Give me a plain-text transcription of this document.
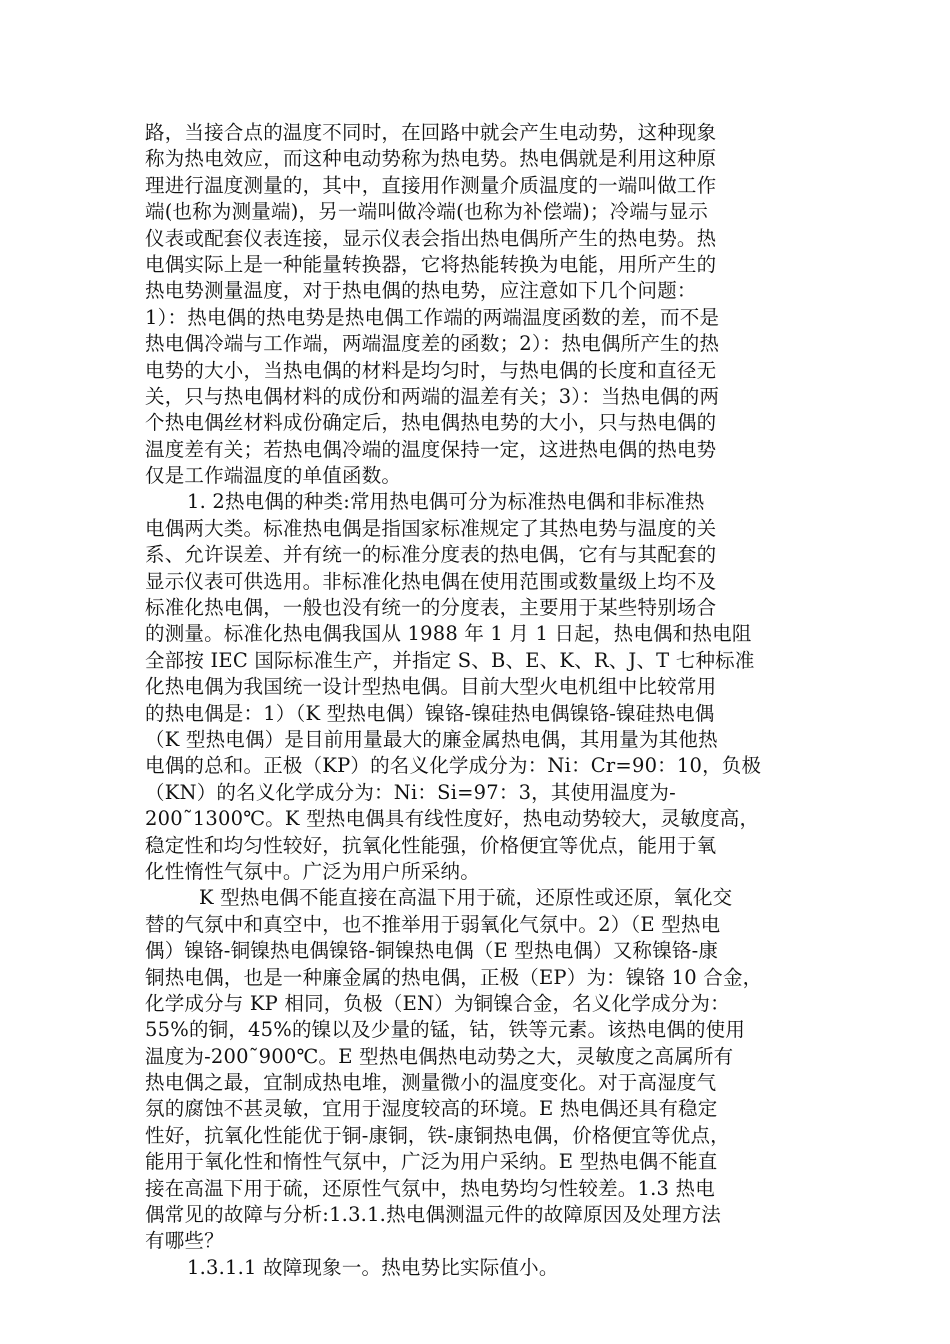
路，当接合点的温度不同时，在回路中就会产生电动势，这种现象
称为热电效应，而这种电动势称为热电势。热电偶就是利用这种原
理进行温度测量的，其中，直接用作测量介质温度的一端叫做工作
端(也称为测量端)，另一端叫做冷端(也称为补偿端)；冷端与显示
仪表或配套仪表连接，显示仪表会指出热电偶所产生的热电势。热
电偶实际上是一种能量转换器，它将热能转换为电能，用所产生的
热电势测量温度，对于热电偶的热电势，应注意如下几个问题：
1）：热电偶的热电势是热电偶工作端的两端温度函数的差，而不是
热电偶冷端与工作端，两端温度差的函数；2）：热电偶所产生的热
电势的大小，当热电偶的材料是均匀时，与热电偶的长度和直径无
关，只与热电偶材料的成份和两端的温差有关；3）：当热电偶的两
个热电偶丝材料成份确定后，热电偶热电势的大小，只与热电偶的
温度差有关；若热电偶冷端的温度保持一定，这进热电偶的热电势
仅是工作端温度的单值函数。
1. 2热电偶的种类:常用热电偶可分为标准热电偶和非标准热
电偶两大类。标准热电偶是指国家标准规定了其热电势与温度的关
系、允许误差、并有统一的标准分度表的热电偶，它有与其配套的
显示仪表可供选用。非标准化热电偶在使用范围或数量级上均不及
标准化热电偶，一般也没有统一的分度表，主要用于某些特别场合
的测量。标准化热电偶我国从 1988 年 1 月 1 日起，热电偶和热电阻
全部按 IEC 国际标准生产，并指定 S、B、E、K、R、J、T 七种标准
化热电偶为我国统一设计型热电偶。目前大型火电机组中比较常用
的热电偶是：1）（K 型热电偶）镍铬-镍硅热电偶镍铬-镍硅热电偶
（K 型热电偶）是目前用量最大的廉金属热电偶，其用量为其他热
电偶的总和。正极（KP）的名义化学成分为：Ni：Cr=90：10，负极
（KN）的名义化学成分为：Ni：Si=97：3，其使用温度为-
200˜1300℃。K 型热电偶具有线性度好，热电动势较大，灵敏度高，
稳定性和均匀性较好，抗氧化性能强，价格便宜等优点，能用于氧
化性惰性气氛中。广泛为用户所采纳。
K 型热电偶不能直接在高温下用于硫，还原性或还原，氧化交
替的气氛中和真空中，也不推举用于弱氧化气氛中。2）（E 型热电
偶）镍铬-铜镍热电偶镍铬-铜镍热电偶（E 型热电偶）又称镍铬-康
铜热电偶，也是一种廉金属的热电偶，正极（EP）为：镍铬 10 合金，
化学成分与 KP 相同，负极（EN）为铜镍合金，名义化学成分为：
55%的铜，45%的镍以及少量的锰，钴，铁等元素。该热电偶的使用
温度为-200˜900℃。E 型热电偶热电动势之大，灵敏度之高属所有
热电偶之最，宜制成热电堆，测量微小的温度变化。对于高湿度气
氛的腐蚀不甚灵敏，宜用于湿度较高的环境。E 热电偶还具有稳定
性好，抗氧化性能优于铜-康铜，铁-康铜热电偶，价格便宜等优点，
能用于氧化性和惰性气氛中，广泛为用户采纳。E 型热电偶不能直
接在高温下用于硫，还原性气氛中，热电势均匀性较差。1.3 热电
偶常见的故障与分析:1.3.1.热电偶测温元件的故障原因及处理方法
有哪些？
1.3.1.1 故障现象一。热电势比实际值小。
